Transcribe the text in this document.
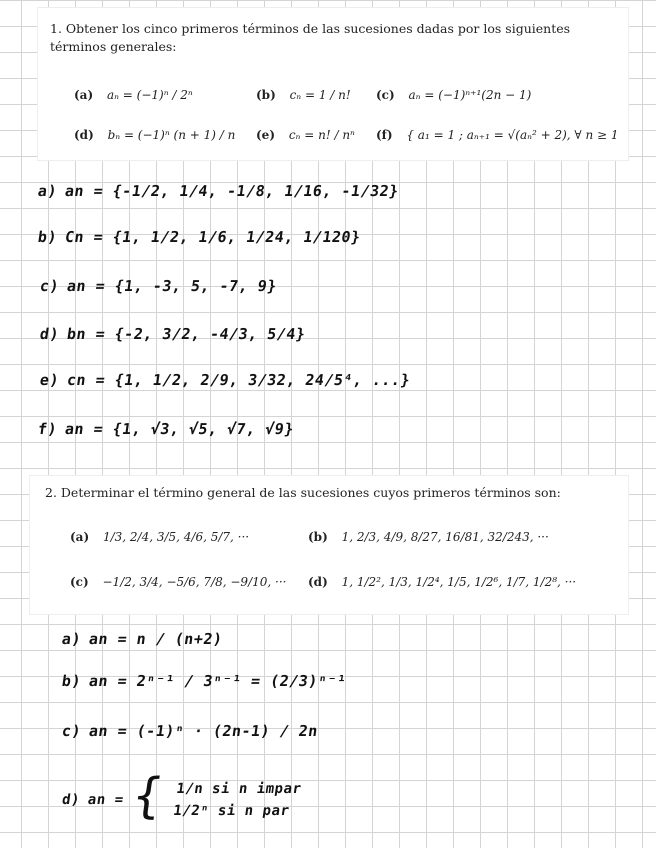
1. Obtener los cinco primeros términos de las sucesiones dadas por los siguientes términos generales:
(a) aₙ = (−1)ⁿ / 2ⁿ	(b) cₙ = 1 / n! (c) aₙ = (−1)ⁿ⁺¹(2n − 1)
(d) bₙ = (−1)ⁿ (n + 1) / n (e) cₙ = n! / nⁿ (f) { a₁ = 1 ; aₙ₊₁ = √(aₙ² + 2), ∀ n ≥ 1
a) an = {-1/2, 1/4, -1/8, 1/16, -1/32}
b) Cn = {1, 1/2, 1/6, 1/24, 1/120}
c) an = {1, -3, 5, -7, 9}
d) bn = {-2, 3/2, -4/3, 5/4}
e) cn = {1, 1/2, 2/9, 3/32, 24/5⁴, ...}
f) an = {1, √3, √5, √7, √9}
2. Determinar el término general de las sucesiones cuyos primeros términos son:
(a) 1/3, 2/4, 3/5, 4/6, 5/7, ···	(b) 1, 2/3, 4/9, 8/27, 16/81, 32/243, ···
(c) −1/2, 3/4, −5/6, 7/8, −9/10, ··· (d) 1, 1/2², 1/3, 1/2⁴, 1/5, 1/2⁶, 1/7, 1/2⁸, ···
a) an = n / (n+2)
b) an = 2ⁿ⁻¹ / 3ⁿ⁻¹ = (2/3)ⁿ⁻¹
c) an = (-1)ⁿ · (2n-1) / 2n
d) an = { 1/n si n impar
1/2ⁿ si n par
